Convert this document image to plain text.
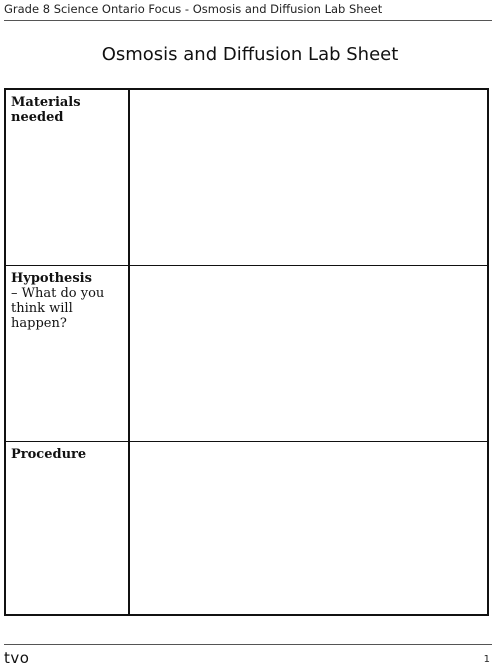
Grade 8 Science Ontario Focus - Osmosis and Diffusion Lab Sheet
Osmosis and Diffusion Lab Sheet
Materials needed
Hypothesis
– What do you think will happen?
Procedure
tvo	1
